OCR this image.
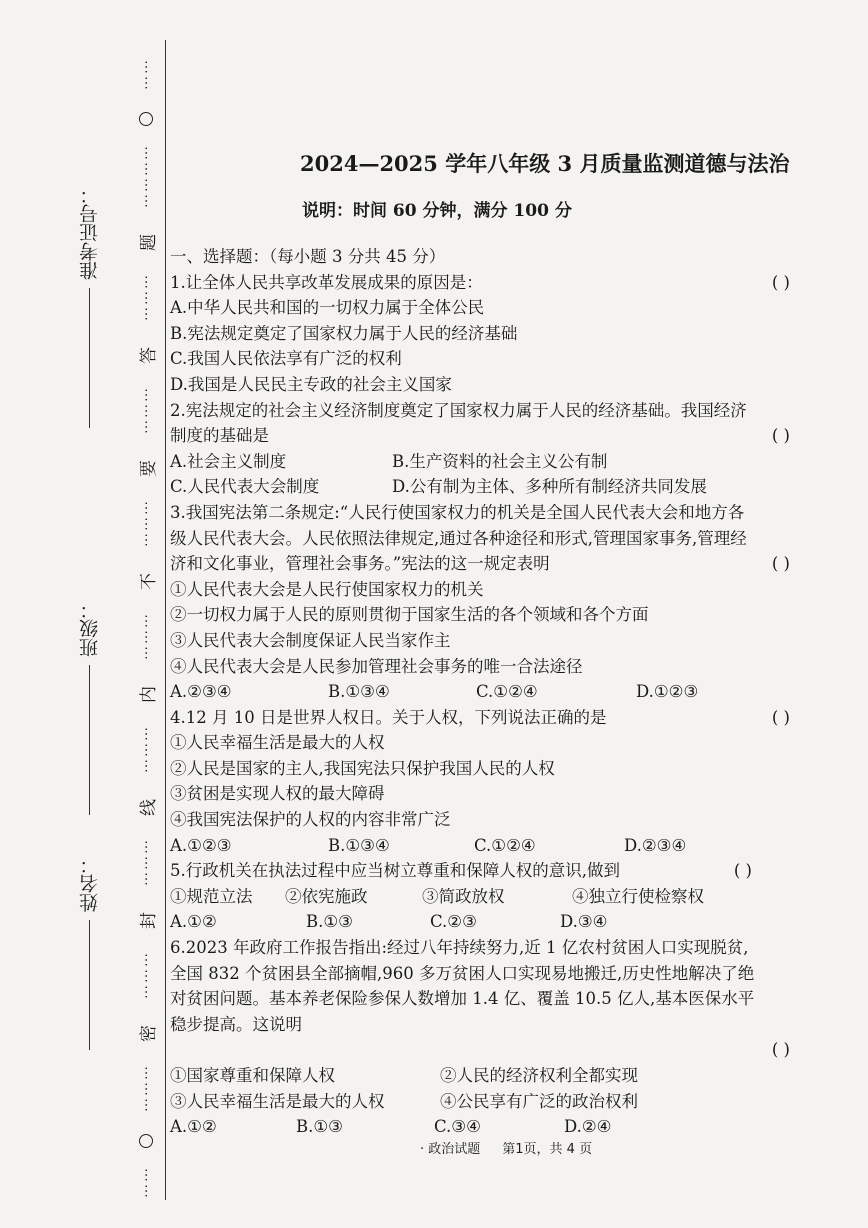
⋯⋯
⋯⋯⋯⋯
题
⋯⋯⋯
答
⋯⋯⋯
要
⋯⋯⋯
不
⋯⋯⋯
内
⋯⋯⋯
线
⋯⋯⋯
封
⋯⋯⋯
密
⋯⋯⋯
⋯⋯
准考证号：
班级：
姓名：
2024—2025 学年八年级 3 月质量监测道德与法治
说明：时间 60 分钟，满分 100 分
一、选择题：（每小题 3 分共 45 分）
1.让全体人民共享改革发展成果的原因是：	( )
A.中华人民共和国的一切权力属于全体公民
B.宪法规定奠定了国家权力属于人民的经济基础
C.我国人民依法享有广泛的权利
D.我国是人民民主专政的社会主义国家
2.宪法规定的社会主义经济制度奠定了国家权力属于人民的经济基础。我国经济
制度的基础是	( )
A.社会主义制度	B.生产资料的社会主义公有制
C.人民代表大会制度	D.公有制为主体、多种所有制经济共同发展
3.我国宪法第二条规定:“人民行使国家权力的机关是全国人民代表大会和地方各
级人民代表大会。人民依照法律规定,通过各种途径和形式,管理国家事务,管理经
济和文化事业，管理社会事务。”宪法的这一规定表明	( )
①人民代表大会是人民行使国家权力的机关
②一切权力属于人民的原则贯彻于国家生活的各个领域和各个方面
③人民代表大会制度保证人民当家作主
④人民代表大会是人民参加管理社会事务的唯一合法途径
A.②③④	B.①③④	C.①②④	D.①②③
4.12 月 10 日是世界人权日。关于人权，下列说法正确的是	( )
①人民幸福生活是最大的人权
②人民是国家的主人,我国宪法只保护我国人民的人权
③贫困是实现人权的最大障碍
④我国宪法保护的人权的内容非常广泛
A.①②③	B.①③④	C.①②④	D.②③④
5.行政机关在执法过程中应当树立尊重和保障人权的意识,做到	( )
①规范立法 ②依宪施政	③简政放权	④独立行使检察权
A.①②	B.①③	C.②③	D.③④
6.2023 年政府工作报告指出:经过八年持续努力,近 1 亿农村贫困人口实现脱贫,
全国 832 个贫困县全部摘帽,960 多万贫困人口实现易地搬迁,历史性地解决了绝
对贫困问题。基本养老保险参保人数增加 1.4 亿、覆盖 10.5 亿人,基本医保水平
稳步提高。这说明
( )
①国家尊重和保障人权	②人民的经济权利全都实现
③人民幸福生活是最大的人权	④公民享有广泛的政治权利
A.①②	B.①③	C.③④	D.②④
· 政治试题 第1页，共 4 页
